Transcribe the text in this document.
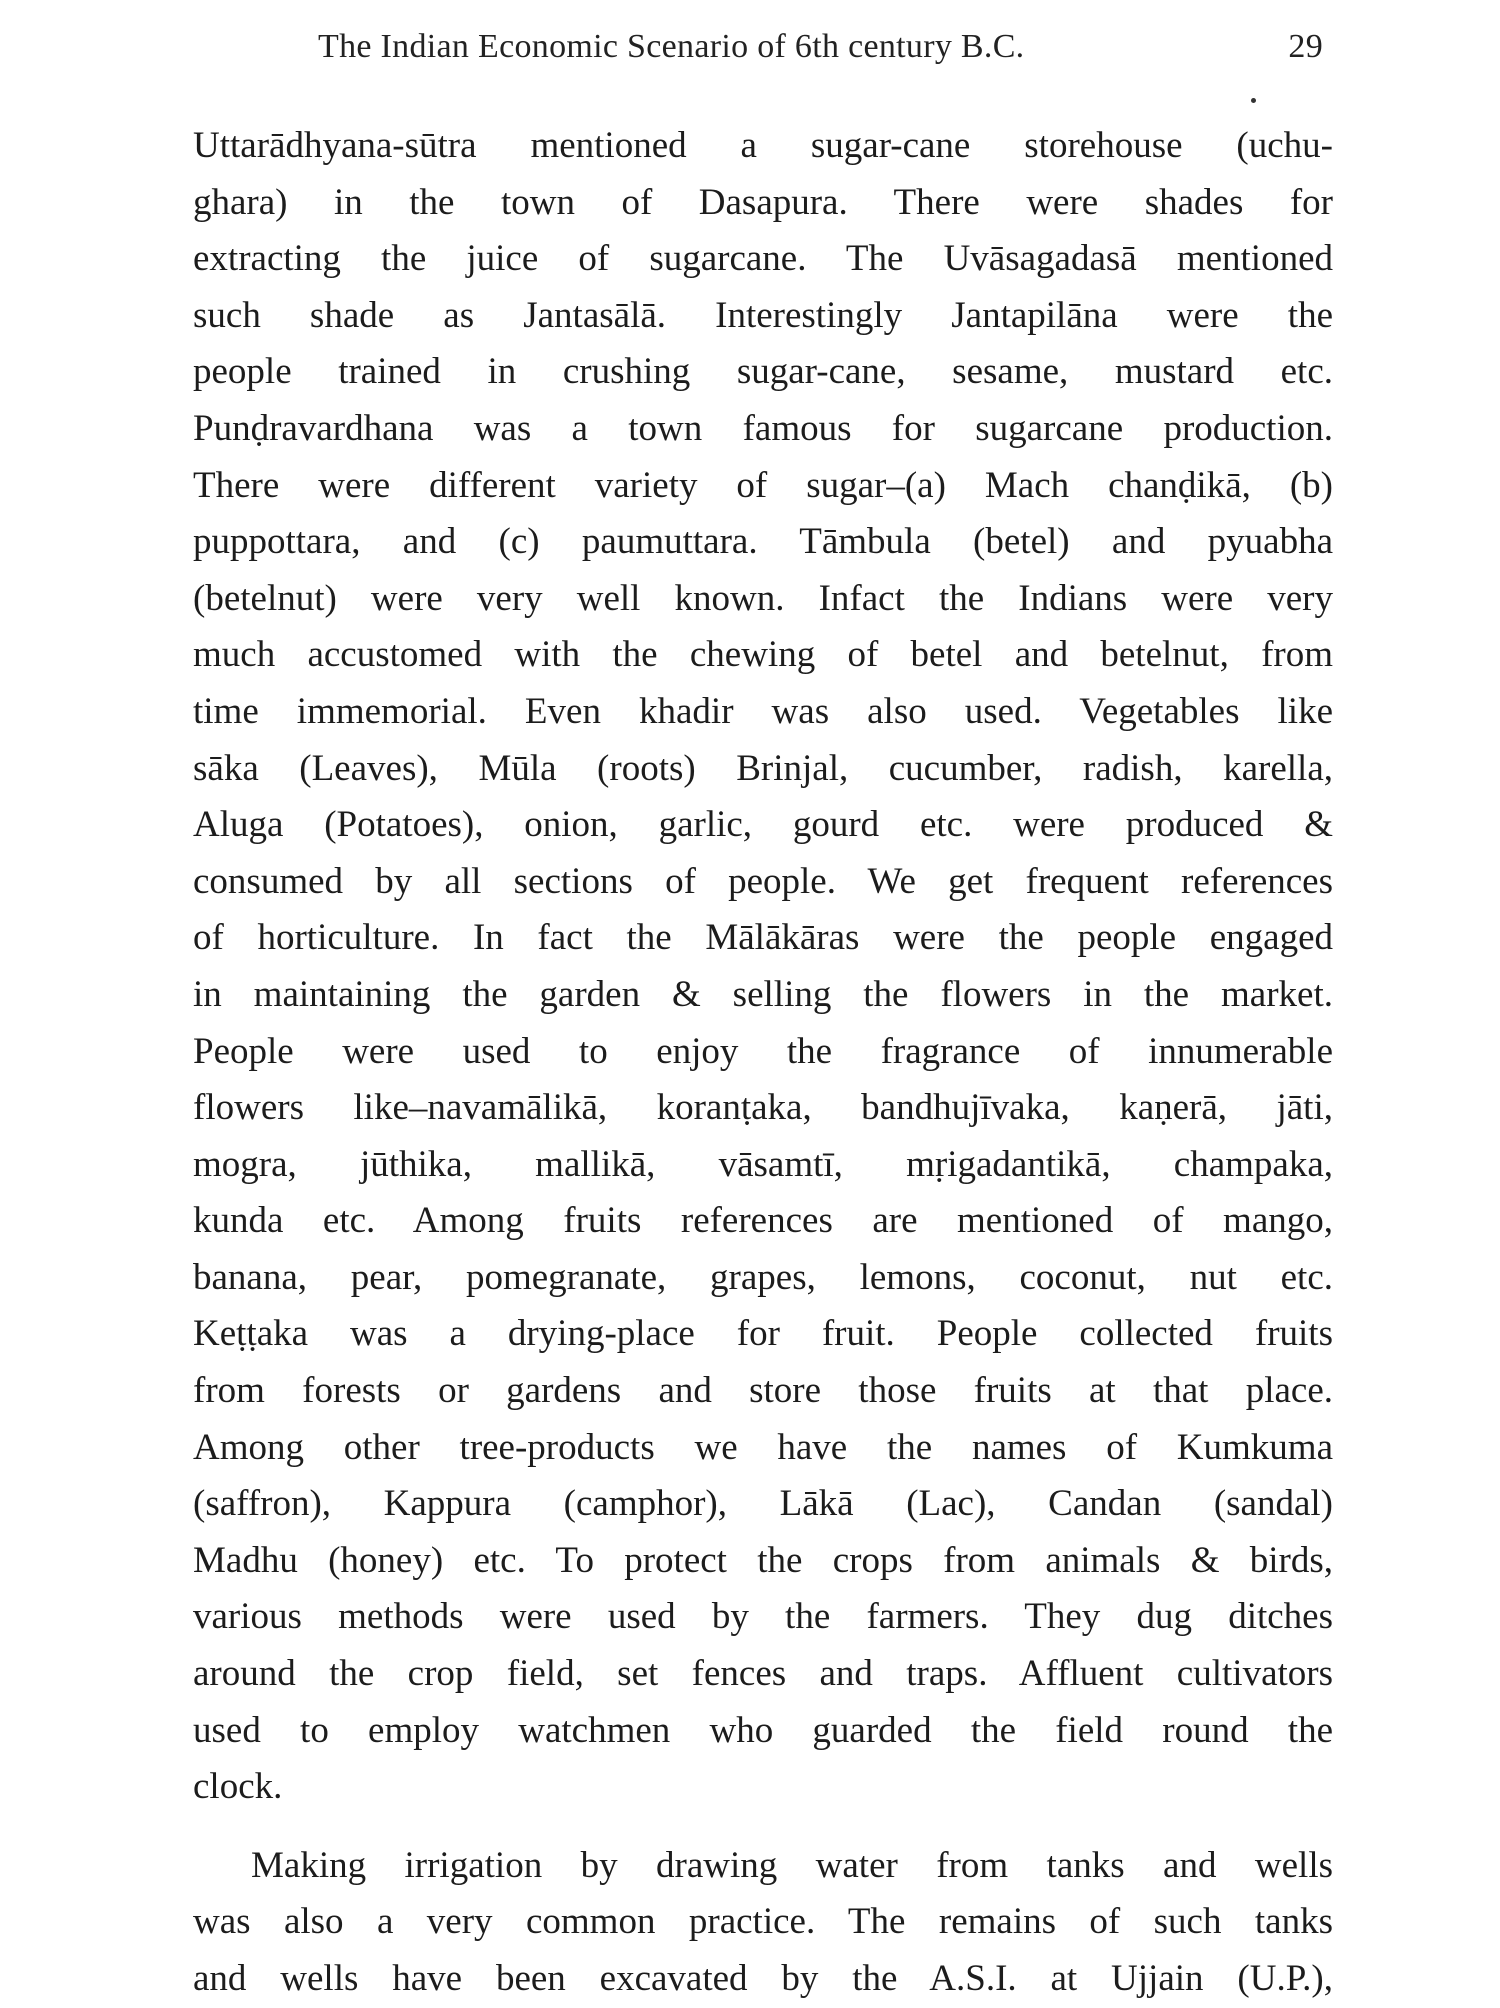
The Indian Economic Scenario of 6th century B.C.	29
Uttarādhyana-sūtra mentioned a sugar-cane storehouse (uchu-
ghara) in the town of Dasapura. There were shades for
extracting the juice of sugarcane. The Uvāsagadasā mentioned
such shade as Jantasālā. Interestingly Jantapilāna were the
people trained in crushing sugar-cane, sesame, mustard etc.
Punḍravardhana was a town famous for sugarcane production.
There were different variety of sugar–(a) Mach chanḍikā, (b)
puppottara, and (c) paumuttara. Tāmbula (betel) and pyuabha
(betelnut) were very well known. Infact the Indians were very
much accustomed with the chewing of betel and betelnut, from
time immemorial. Even khadir was also used. Vegetables like
sāka (Leaves), Mūla (roots) Brinjal, cucumber, radish, karella,
Aluga (Potatoes), onion, garlic, gourd etc. were produced &
consumed by all sections of people. We get frequent references
of horticulture. In fact the Mālākāras were the people engaged
in maintaining the garden & selling the flowers in the market.
People were used to enjoy the fragrance of innumerable
flowers like–navamālikā, koranṭaka, bandhujīvaka, kaṇerā, jāti,
mogra, jūthika, mallikā, vāsamtī, mṛigadantikā, champaka,
kunda etc. Among fruits references are mentioned of mango,
banana, pear, pomegranate, grapes, lemons, coconut, nut etc.
Keṭṭaka was a drying-place for fruit. People collected fruits
from forests or gardens and store those fruits at that place.
Among other tree-products we have the names of Kumkuma
(saffron), Kappura (camphor), Lākā (Lac), Candan (sandal)
Madhu (honey) etc. To protect the crops from animals & birds,
various methods were used by the farmers. They dug ditches
around the crop field, set fences and traps. Affluent cultivators
used to employ watchmen who guarded the field round the
clock.
Making irrigation by drawing water from tanks and wells
was also a very common practice. The remains of such tanks
and wells have been excavated by the A.S.I. at Ujjain (U.P.),
